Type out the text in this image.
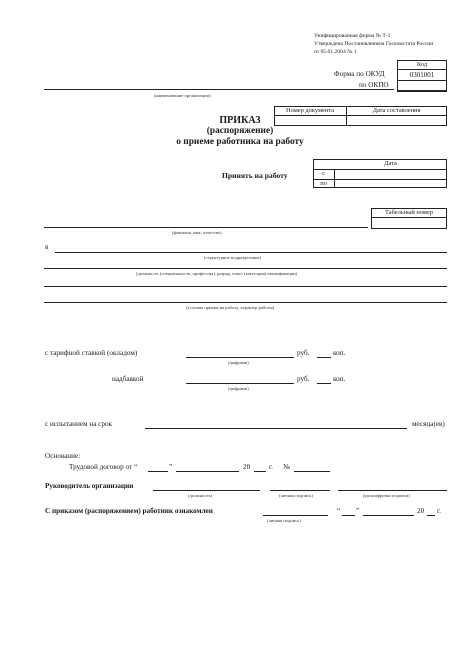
Унифицированная форма № Т-1
Утверждена Постановлением Госкомстата России
от 05.01.2004 № 1
Код
Форма по ОКУД	0301001
по ОКПО
(наименование организации)
Номер документа	Дата составления
ПРИКАЗ
(распоряжение)
о приеме работника на работу
Принять на работу
Дата
с
по
Табельный номер
(фамилия, имя, отчество)
в
(структурное подразделение)
(должность (специальность, профессия), разряд, класс (категория) квалификации)
(условия приема на работу, характер работы)
с тарифной ставкой (окладом)	руб.	коп.
(цифрами)
надбавкой	руб.	коп.
(цифрами)
с испытанием на срок	месяца(ев)
Основание:
Трудовой договор от “	”	20	г. №
Руководитель организации
(должность)	(личная подпись)	(расшифровка подписи)
С приказом (распоряжением) работник ознакомлен
(личная подпись)
“ ”	20 г.
